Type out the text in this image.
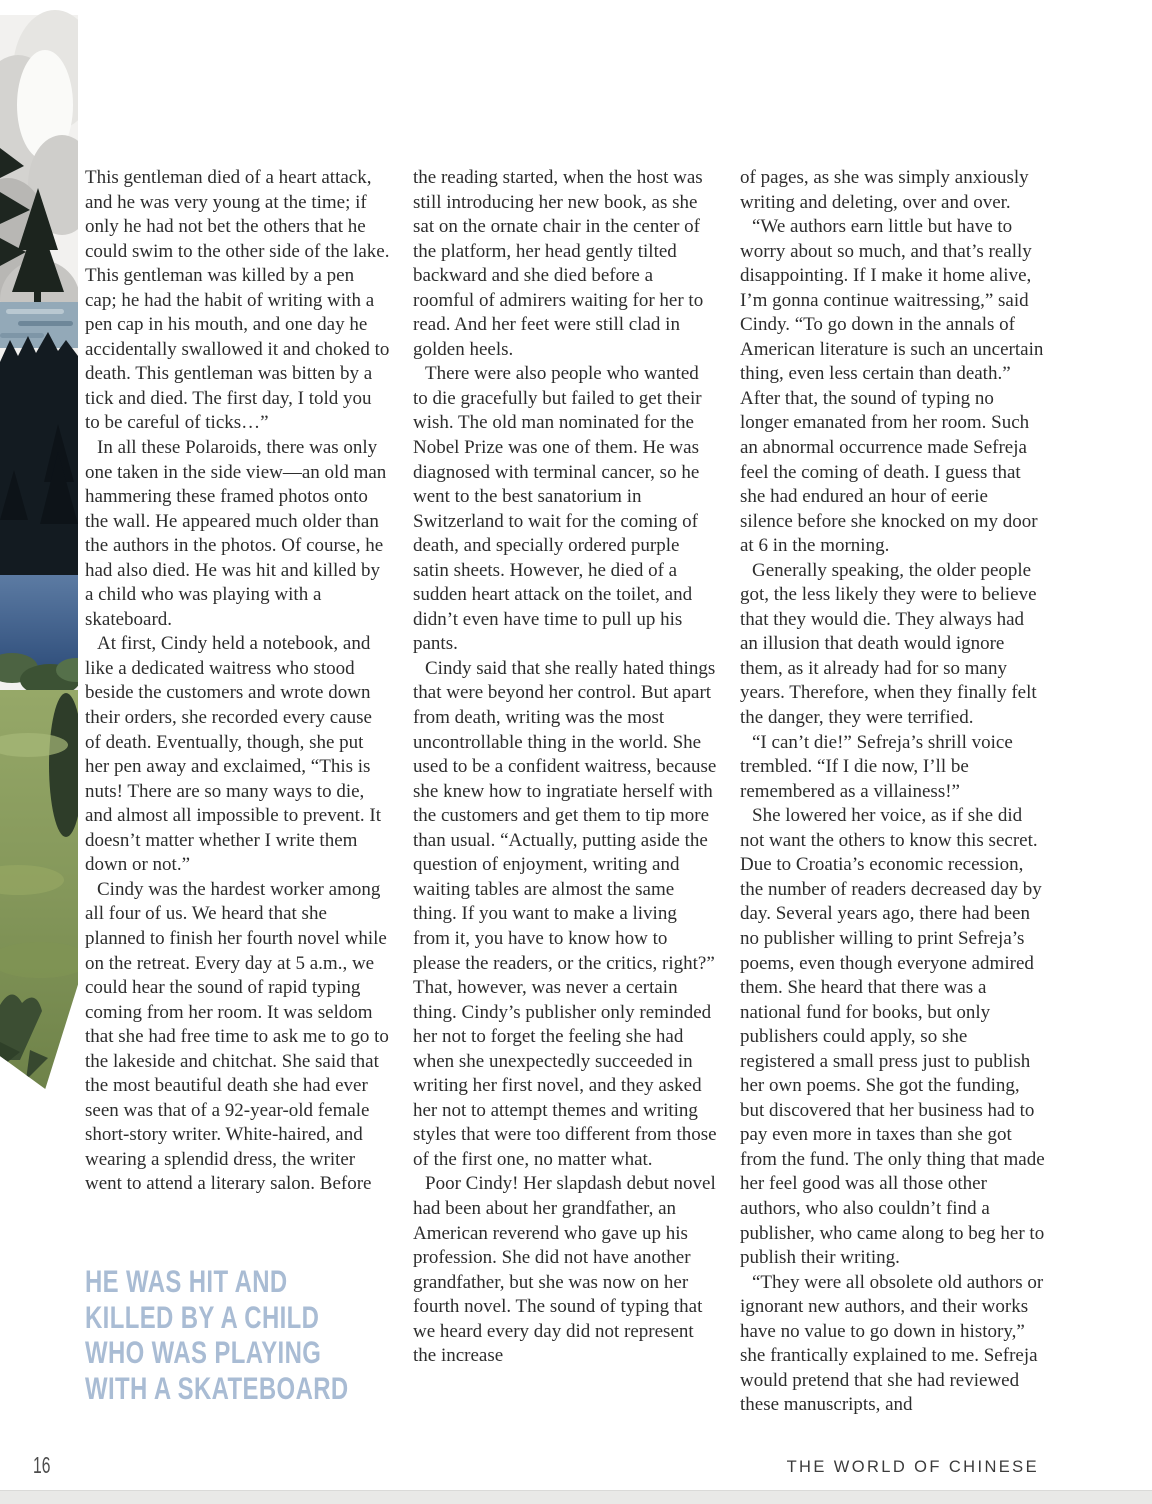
This gentleman died of a heart attack, and he was very young at the time; if only he had not bet the others that he could swim to the other side of the lake. This gentleman was killed by a pen cap; he had the habit of writing with a pen cap in his mouth, and one day he accidentally swallowed it and choked to death. This gentleman was bitten by a tick and died. The first day, I told you to be careful of ticks…”

In all these Polaroids, there was only one taken in the side view—an old man hammering these framed photos onto the wall. He appeared much older than the authors in the photos. Of course, he had also died. He was hit and killed by a child who was playing with a skateboard.

At first, Cindy held a notebook, and like a dedicated waitress who stood beside the customers and wrote down their orders, she recorded every cause of death. Eventually, though, she put her pen away and exclaimed, “This is nuts! There are so many ways to die, and almost all impossible to prevent. It doesn’t matter whether I write them down or not.”

Cindy was the hardest worker among all four of us. We heard that she planned to finish her fourth novel while on the retreat. Every day at 5 a.m., we could hear the sound of rapid typing coming from her room. It was seldom that she had free time to ask me to go to the lakeside and chitchat. She said that the most beautiful death she had ever seen was that of a 92-year-old female short-story writer. White-haired, and wearing a splendid dress, the writer went to attend a literary salon. Before

the reading started, when the host was still introducing her new book, as she sat on the ornate chair in the center of the platform, her head gently tilted backward and she died before a roomful of admirers waiting for her to read. And her feet were still clad in golden heels.

There were also people who wanted to die gracefully but failed to get their wish. The old man nominated for the Nobel Prize was one of them. He was diagnosed with terminal cancer, so he went to the best sanatorium in Switzerland to wait for the coming of death, and specially ordered purple satin sheets. However, he died of a sudden heart attack on the toilet, and didn’t even have time to pull up his pants.

Cindy said that she really hated things that were beyond her control. But apart from death, writing was the most uncontrollable thing in the world. She used to be a confident waitress, because she knew how to ingratiate herself with the customers and get them to tip more than usual. “Actually, putting aside the question of enjoyment, writing and waiting tables are almost the same thing. If you want to make a living from it, you have to know how to please the readers, or the critics, right?” That, however, was never a certain thing. Cindy’s publisher only reminded her not to forget the feeling she had when she unexpectedly succeeded in writing her first novel, and they asked her not to attempt themes and writing styles that were too different from those of the first one, no matter what.

Poor Cindy! Her slapdash debut novel had been about her grandfather, an American reverend who gave up his profession. She did not have another grandfather, but she was now on her fourth novel. The sound of typing that we heard every day did not represent the increase

of pages, as she was simply anxiously writing and deleting, over and over.

“We authors earn little but have to worry about so much, and that’s really disappointing. If I make it home alive, I’m gonna continue waitressing,” said Cindy. “To go down in the annals of American literature is such an uncertain thing, even less certain than death.” After that, the sound of typing no longer emanated from her room. Such an abnormal occurrence made Sefreja feel the coming of death. I guess that she had endured an hour of eerie silence before she knocked on my door at 6 in the morning.

Generally speaking, the older people got, the less likely they were to believe that they would die. They always had an illusion that death would ignore them, as it already had for so many years. Therefore, when they finally felt the danger, they were terrified.

“I can’t die!” Sefreja’s shrill voice trembled. “If I die now, I’ll be remembered as a villainess!”

She lowered her voice, as if she did not want the others to know this secret. Due to Croatia’s economic recession, the number of readers decreased day by day. Several years ago, there had been no publisher willing to print Sefreja’s poems, even though everyone admired them. She heard that there was a national fund for books, but only publishers could apply, so she registered a small press just to publish her own poems. She got the funding, but discovered that her business had to pay even more in taxes than she got from the fund. The only thing that made her feel good was all those other authors, who also couldn’t find a publisher, who came along to beg her to publish their writing.

“They were all obsolete old authors or ignorant new authors, and their works have no value to go down in history,” she frantically explained to me. Sefreja would pretend that she had reviewed these manuscripts, and

HE WAS HIT AND
KILLED BY A CHILD
WHO WAS PLAYING
WITH A SKATEBOARD
16	THE WORLD OF CHINESE
